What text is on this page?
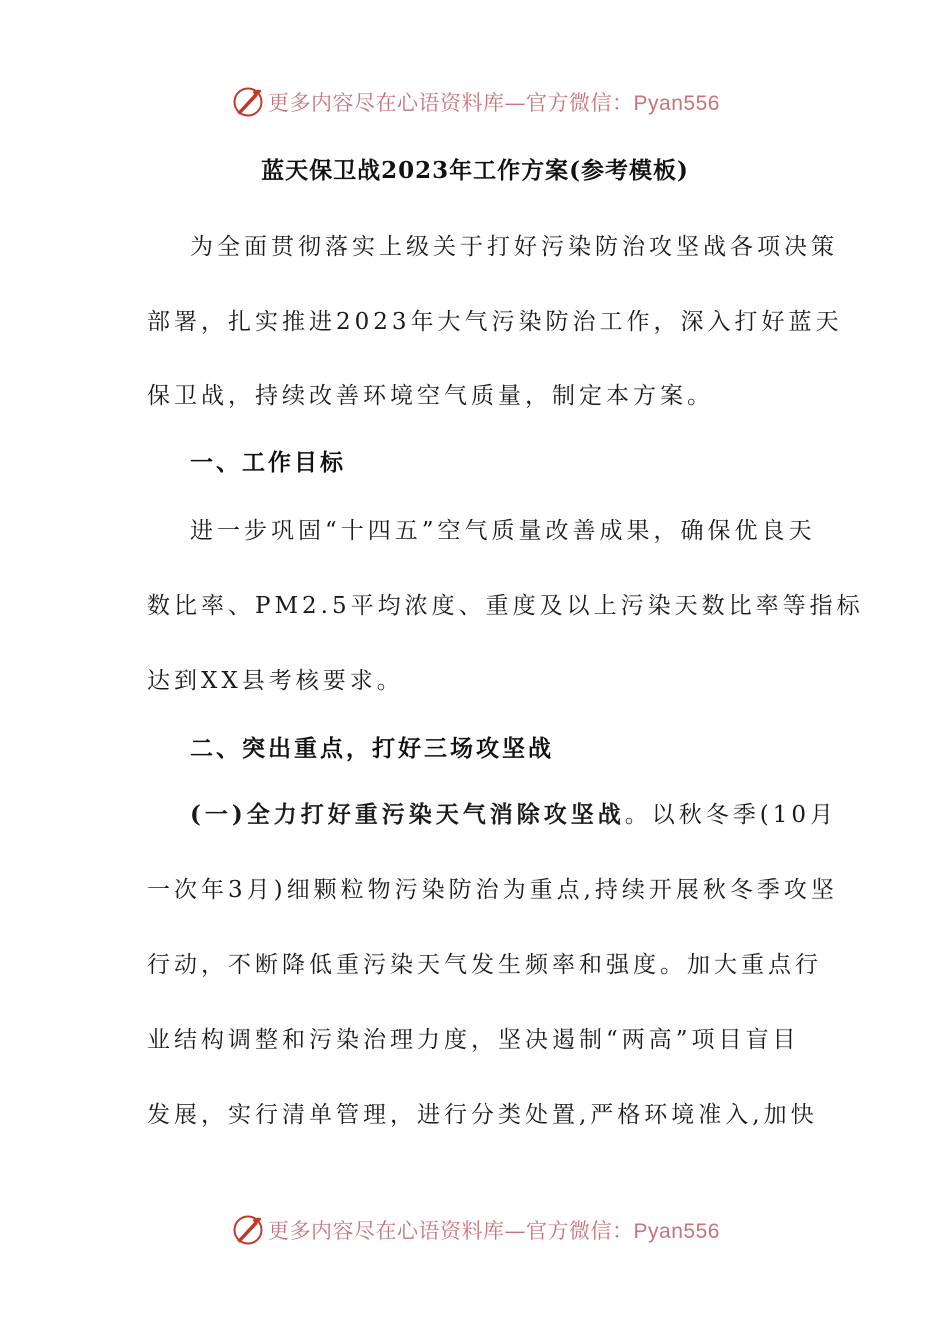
更多内容尽在心语资料库—官方微信：Pyan556
蓝天保卫战2023年工作方案(参考模板)
为全面贯彻落实上级关于打好污染防治攻坚战各项决策
部署，扎实推进2023年大气污染防治工作，深入打好蓝天
保卫战，持续改善环境空气质量，制定本方案。
一、工作目标
进一步巩固“十四五”空气质量改善成果，确保优良天
数比率、PM2.5平均浓度、重度及以上污染天数比率等指标
达到XX县考核要求。
二、突出重点，打好三场攻坚战
(一)全力打好重污染天气消除攻坚战。以秋冬季(10月
一次年3月)细颗粒物污染防治为重点,持续开展秋冬季攻坚
行动，不断降低重污染天气发生频率和强度。加大重点行
业结构调整和污染治理力度，坚决遏制“两高”项目盲目
发展，实行清单管理，进行分类处置,严格环境准入,加快
更多内容尽在心语资料库—官方微信：Pyan556
